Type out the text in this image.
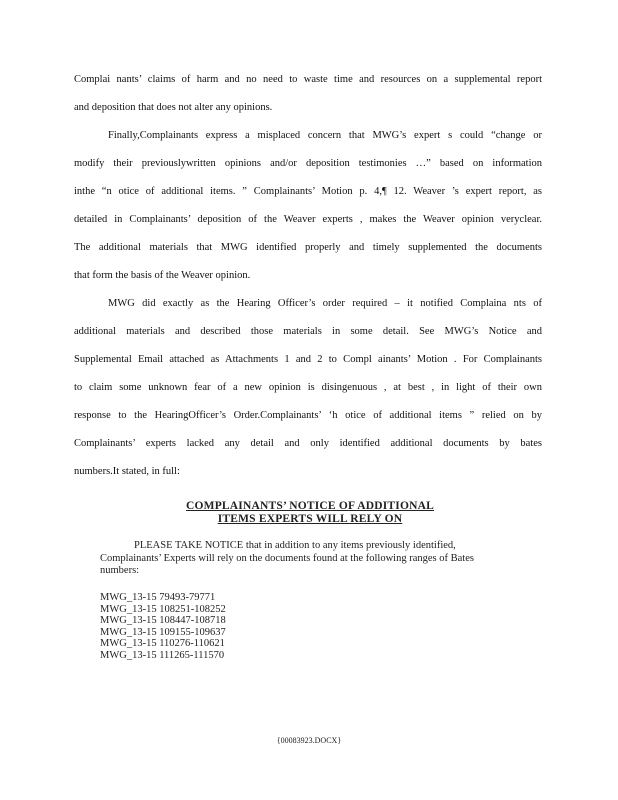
Complai nants’ claims of harm and no need to waste time and resources on a supplemental report
and deposition that does not alter any opinions.
Finally,Complainants express a misplaced concern that MWG’s expert s could “change or
modify their previouslywritten opinions and/or deposition testimonies …” based on information
inthe “n otice of additional items. ” Complainants’ Motion p. 4,¶ 12. Weaver ’s expert report, as
detailed in Complainants’ deposition of the Weaver experts , makes the Weaver opinion veryclear.
The additional materials that MWG identified properly and timely supplemented the documents
that form the basis of the Weaver opinion.
MWG did exactly as the Hearing Officer’s order required – it notified Complaina nts of
additional materials and described those materials in some detail. See MWG’s Notice and
Supplemental Email attached as Attachments 1 and 2 to Compl ainants’ Motion . For Complainants
to claim some unknown fear of a new opinion is disingenuous , at best , in light of their own
response to the HearingOfficer’s Order.Complainants’ ‘h otice of additional items ” relied on by
Complainants’ experts lacked any detail and only identified additional documents by bates
numbers.It stated, in full:
COMPLAINANTS’ NOTICE OF ADDITIONAL
ITEMS EXPERTS WILL RELY ON
PLEASE TAKE NOTICE that in addition to any items previously identified,
Complainants’ Experts will rely on the documents found at the following ranges of Bates
numbers:
MWG_13-15 79493-79771
MWG_13-15 108251-108252
MWG_13-15 108447-108718
MWG_13-15 109155-109637
MWG_13-15 110276-110621
MWG_13-15 111265-111570
{00083923.DOCX}
